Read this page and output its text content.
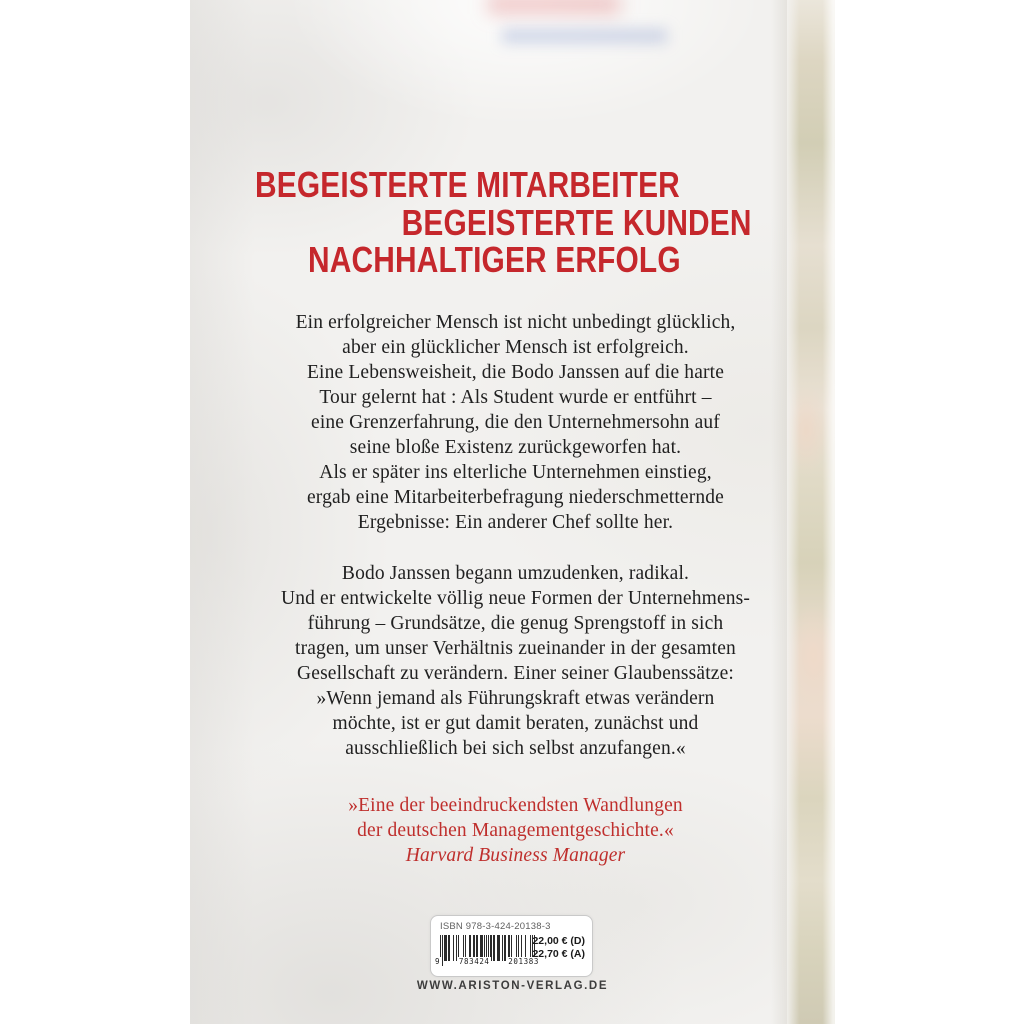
BEGEISTERTE MITARBEITER
BEGEISTERTE KUNDEN
NACHHALTIGER ERFOLG
Ein erfolgreicher Mensch ist nicht unbedingt glücklich,
aber ein glücklicher Mensch ist erfolgreich.
Eine Lebensweisheit, die Bodo Janssen auf die harte
Tour gelernt hat : Als Student wurde er entführt –
eine Grenzerfahrung, die den Unternehmersohn auf
seine bloße Existenz zurückgeworfen hat.
Als er später ins elterliche Unternehmen einstieg,
ergab eine Mitarbeiterbefragung niederschmetternde
Ergebnisse: Ein anderer Chef sollte her.
Bodo Janssen begann umzudenken, radikal.
Und er entwickelte völlig neue Formen der Unternehmens-
führung – Grundsätze, die genug Sprengstoff in sich
tragen, um unser Verhältnis zueinander in der gesamten
Gesellschaft zu verändern. Einer seiner Glaubenssätze:
»Wenn jemand als Führungskraft etwas verändern
möchte, ist er gut damit beraten, zunächst und
ausschließlich bei sich selbst anzufangen.«
»Eine der beeindruckendsten Wandlungen
der deutschen Managementgeschichte.«
Harvard Business Manager
ISBN 978-3-424-20138-3
9 783424 201383
22,00 € (D)
22,70 € (A)
WWW.ARISTON-VERLAG.DE
